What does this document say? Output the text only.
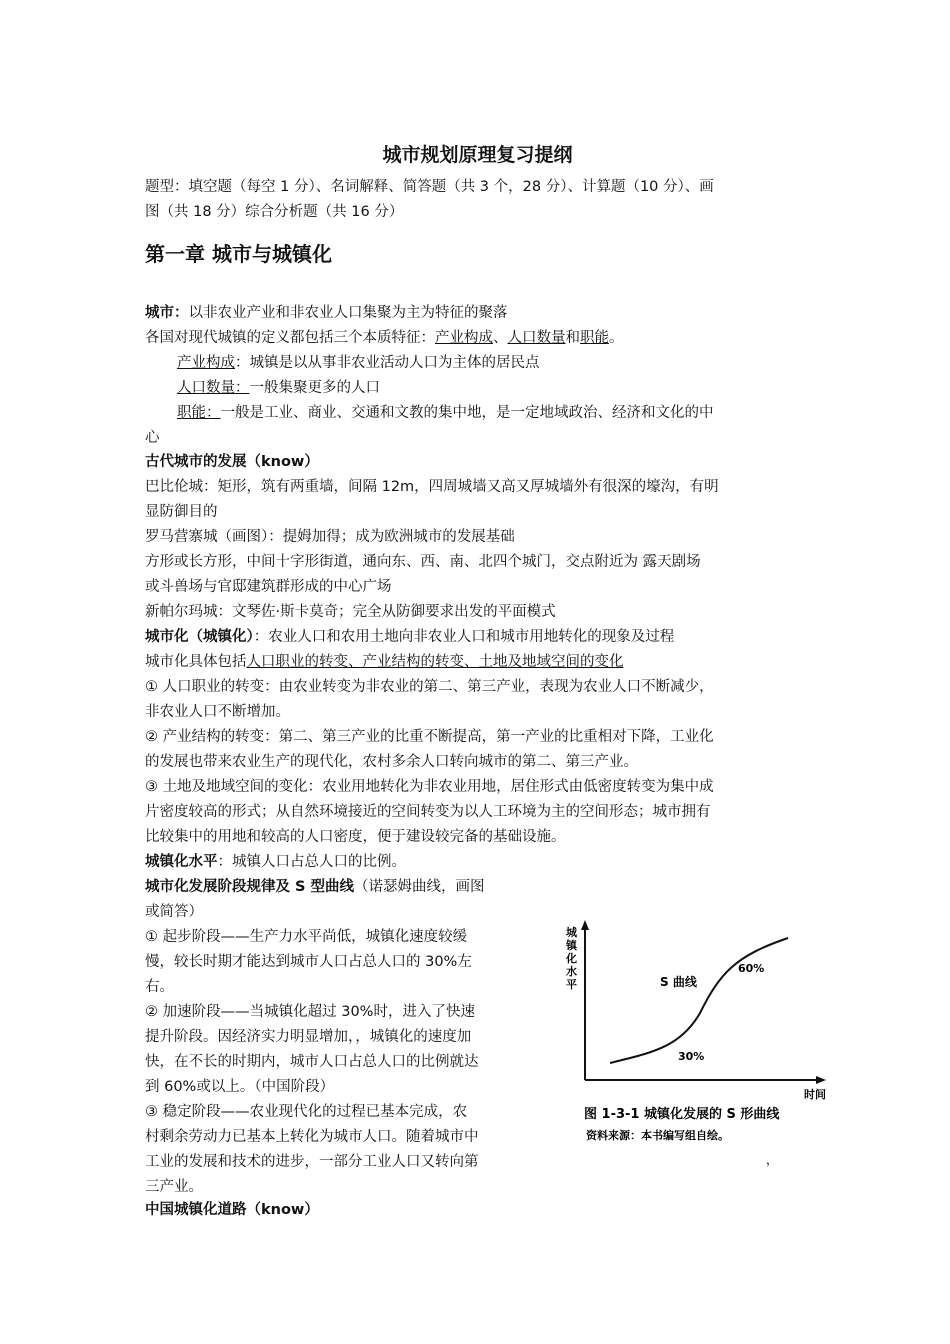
城市规划原理复习提纲
题型：填空题（每空 1 分）、名词解释、简答题（共 3 个，28 分）、计算题（10 分）、画
图（共 18 分）综合分析题（共 16 分）
第一章 城市与城镇化
城市：以非农业产业和非农业人口集聚为主为特征的聚落
各国对现代城镇的定义都包括三个本质特征：产业构成、人口数量和职能。
产业构成：城镇是以从事非农业活动人口为主体的居民点
人口数量：一般集聚更多的人口
职能：一般是工业、商业、交通和文教的集中地，是一定地域政治、经济和文化的中
心
古代城市的发展（know）
巴比伦城：矩形，筑有两重墙，间隔 12m，四周城墙又高又厚城墙外有很深的壕沟，有明
显防御目的
罗马营寨城（画图）：提姆加得；成为欧洲城市的发展基础
方形或长方形，中间十字形街道，通向东、西、南、北四个城门，交点附近为 露天剧场
或斗兽场与官邸建筑群形成的中心广场
新帕尔玛城：文琴佐·斯卡莫奇；完全从防御要求出发的平面模式
城市化（城镇化）：农业人口和农用土地向非农业人口和城市用地转化的现象及过程
城市化具体包括人口职业的转变、产业结构的转变、土地及地域空间的变化
① 人口职业的转变：由农业转变为非农业的第二、第三产业，表现为农业人口不断减少，
非农业人口不断增加。
② 产业结构的转变：第二、第三产业的比重不断提高，第一产业的比重相对下降，工业化
的发展也带来农业生产的现代化，农村多余人口转向城市的第二、第三产业。
③ 土地及地域空间的变化：农业用地转化为非农业用地，居住形式由低密度转变为集中成
片密度较高的形式；从自然环境接近的空间转变为以人工环境为主的空间形态；城市拥有
比较集中的用地和较高的人口密度，便于建设较完备的基础设施。
城镇化水平：城镇人口占总人口的比例。
城市化发展阶段规律及 S 型曲线（诺瑟姆曲线，画图
或简答）
① 起步阶段——生产力水平尚低，城镇化速度较缓
慢，较长时期才能达到城市人口占总人口的 30%左
右。
② 加速阶段——当城镇化超过 30%时，进入了快速
提升阶段。因经济实力明显增加，，城镇化的速度加
快，在不长的时期内，城市人口占总人口的比例就达
到 60%或以上。（中国阶段）
③ 稳定阶段——农业现代化的过程已基本完成，农
村剩余劳动力已基本上转化为城市人口。随着城市中
工业的发展和技术的进步，一部分工业人口又转向第
三产业。
中国城镇化道路（know）
城
镇
化
水
平	S 曲线
60%
30%
时间
图 1-3-1 城镇化发展的 S 形曲线
资料来源：本书编写组自绘。
，
